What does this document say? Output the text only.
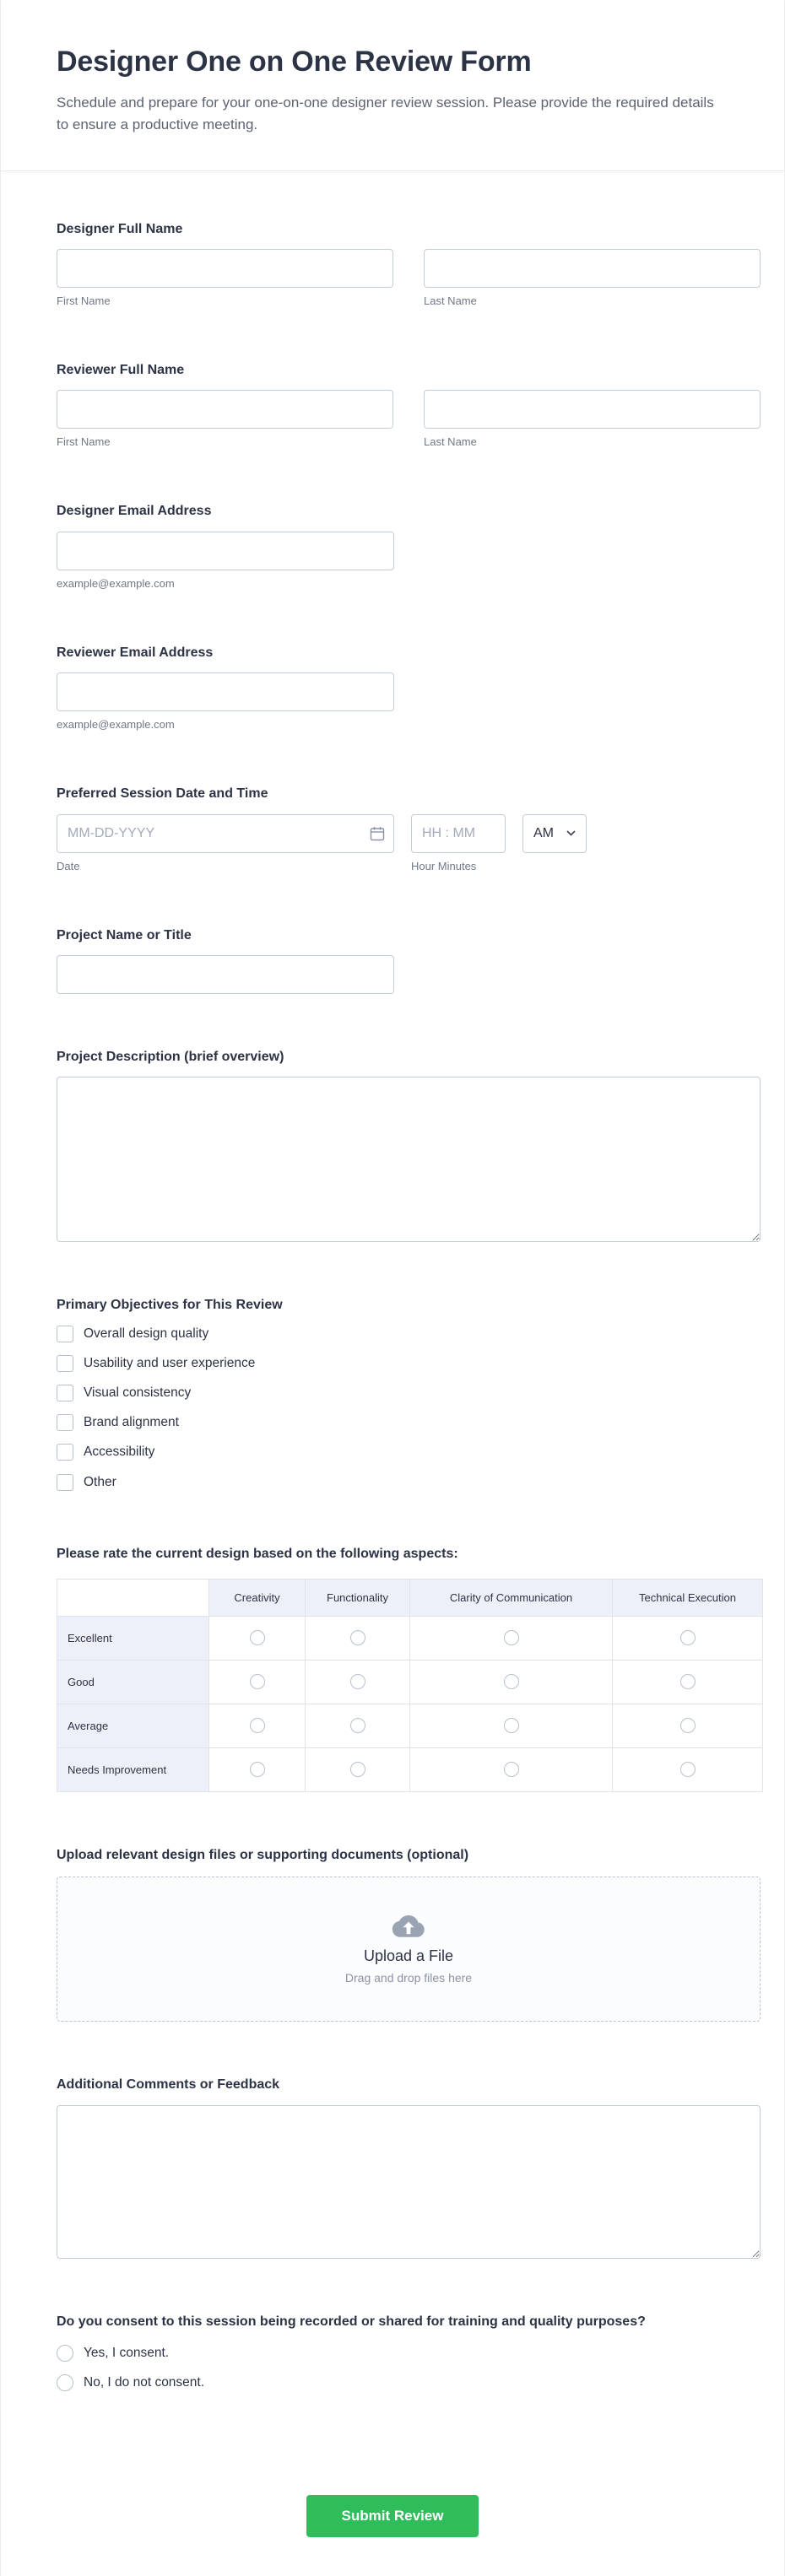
Designer One on One Review Form

Schedule and prepare for your one-on-one designer review session. Please provide the required details to ensure a productive meeting.

Designer Full Name
First Name	Last Name
Reviewer Full Name
First Name	Last Name
Designer Email Address
example@example.com
Reviewer Email Address
example@example.com
Preferred Session Date and Time
MM-DD-YYYY
Date
HH : MM	Hour Minutes
AM
Project Name or Title
Project Description (brief overview)
Primary Objectives for This Review
Overall design quality
Usability and user experience
Visual consistency
Brand alignment
Accessibility
Other
Please rate the current design based on the following aspects:
	Creativity	Functionality	Clarity of Communication	Technical Execution
Excellent				
Good				
Average				
Needs Improvement				
Upload relevant design files or supporting documents (optional)
Upload a File
Drag and drop files here
Additional Comments or Feedback
Do you consent to this session being recorded or shared for training and quality purposes?
Yes, I consent.
No, I do not consent.
Submit Review
